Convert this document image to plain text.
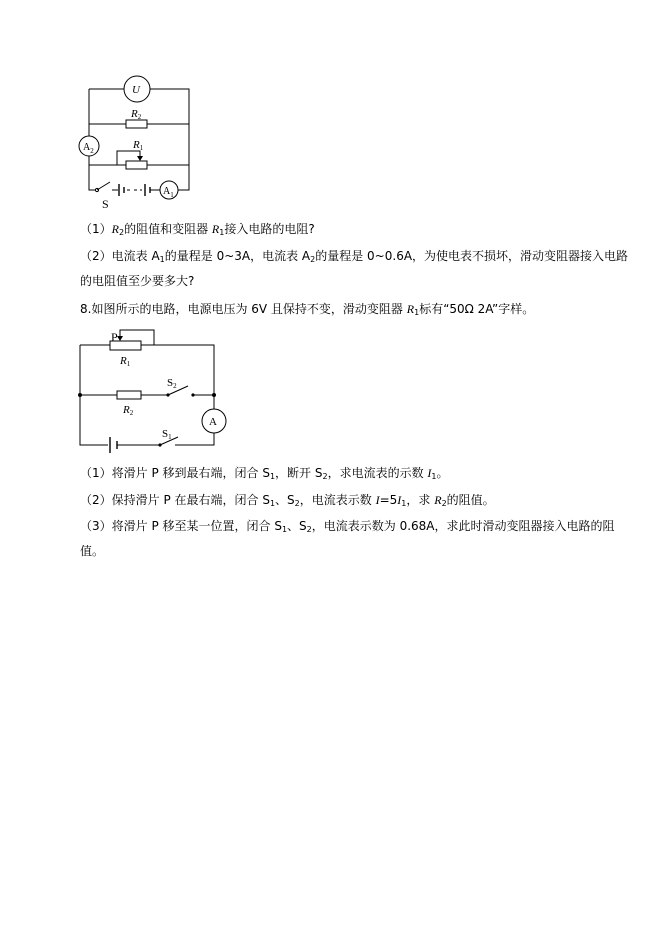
U
$A_2$
$A_1$
R2
R1
S
$(1)R_2$的阻值和变阻器 $R_1$接入电路的电阻?
（2）电流表 $A_1$的量程是 0~3A，电流表 $A_2$的量程是 0~0.6A，为使电表不损坏，滑动变阻器接入电路
的电阻值至少要多大?
8.如图所示的电路，电源电压为 6V 且保持不变，滑动变阻器 $R_1$标有“50Ω 2A”字样。
A
P
R1
R2
S2
S1
（1）将滑片 P 移到最右端，闭合 $S_1$，断开 $S_2$，求电流表的示数 $I_1$。
（2）保持滑片 P 在最右端，闭合 $S_1$、$S_2$，电流表示数 $I=5I_1$，求 $R_2$的阻值。
（3）将滑片 P 移至某一位置，闭合 $S_1$、$S_2$，电流表示数为 0.68A，求此时滑动变阻器接入电路的阻
值。
